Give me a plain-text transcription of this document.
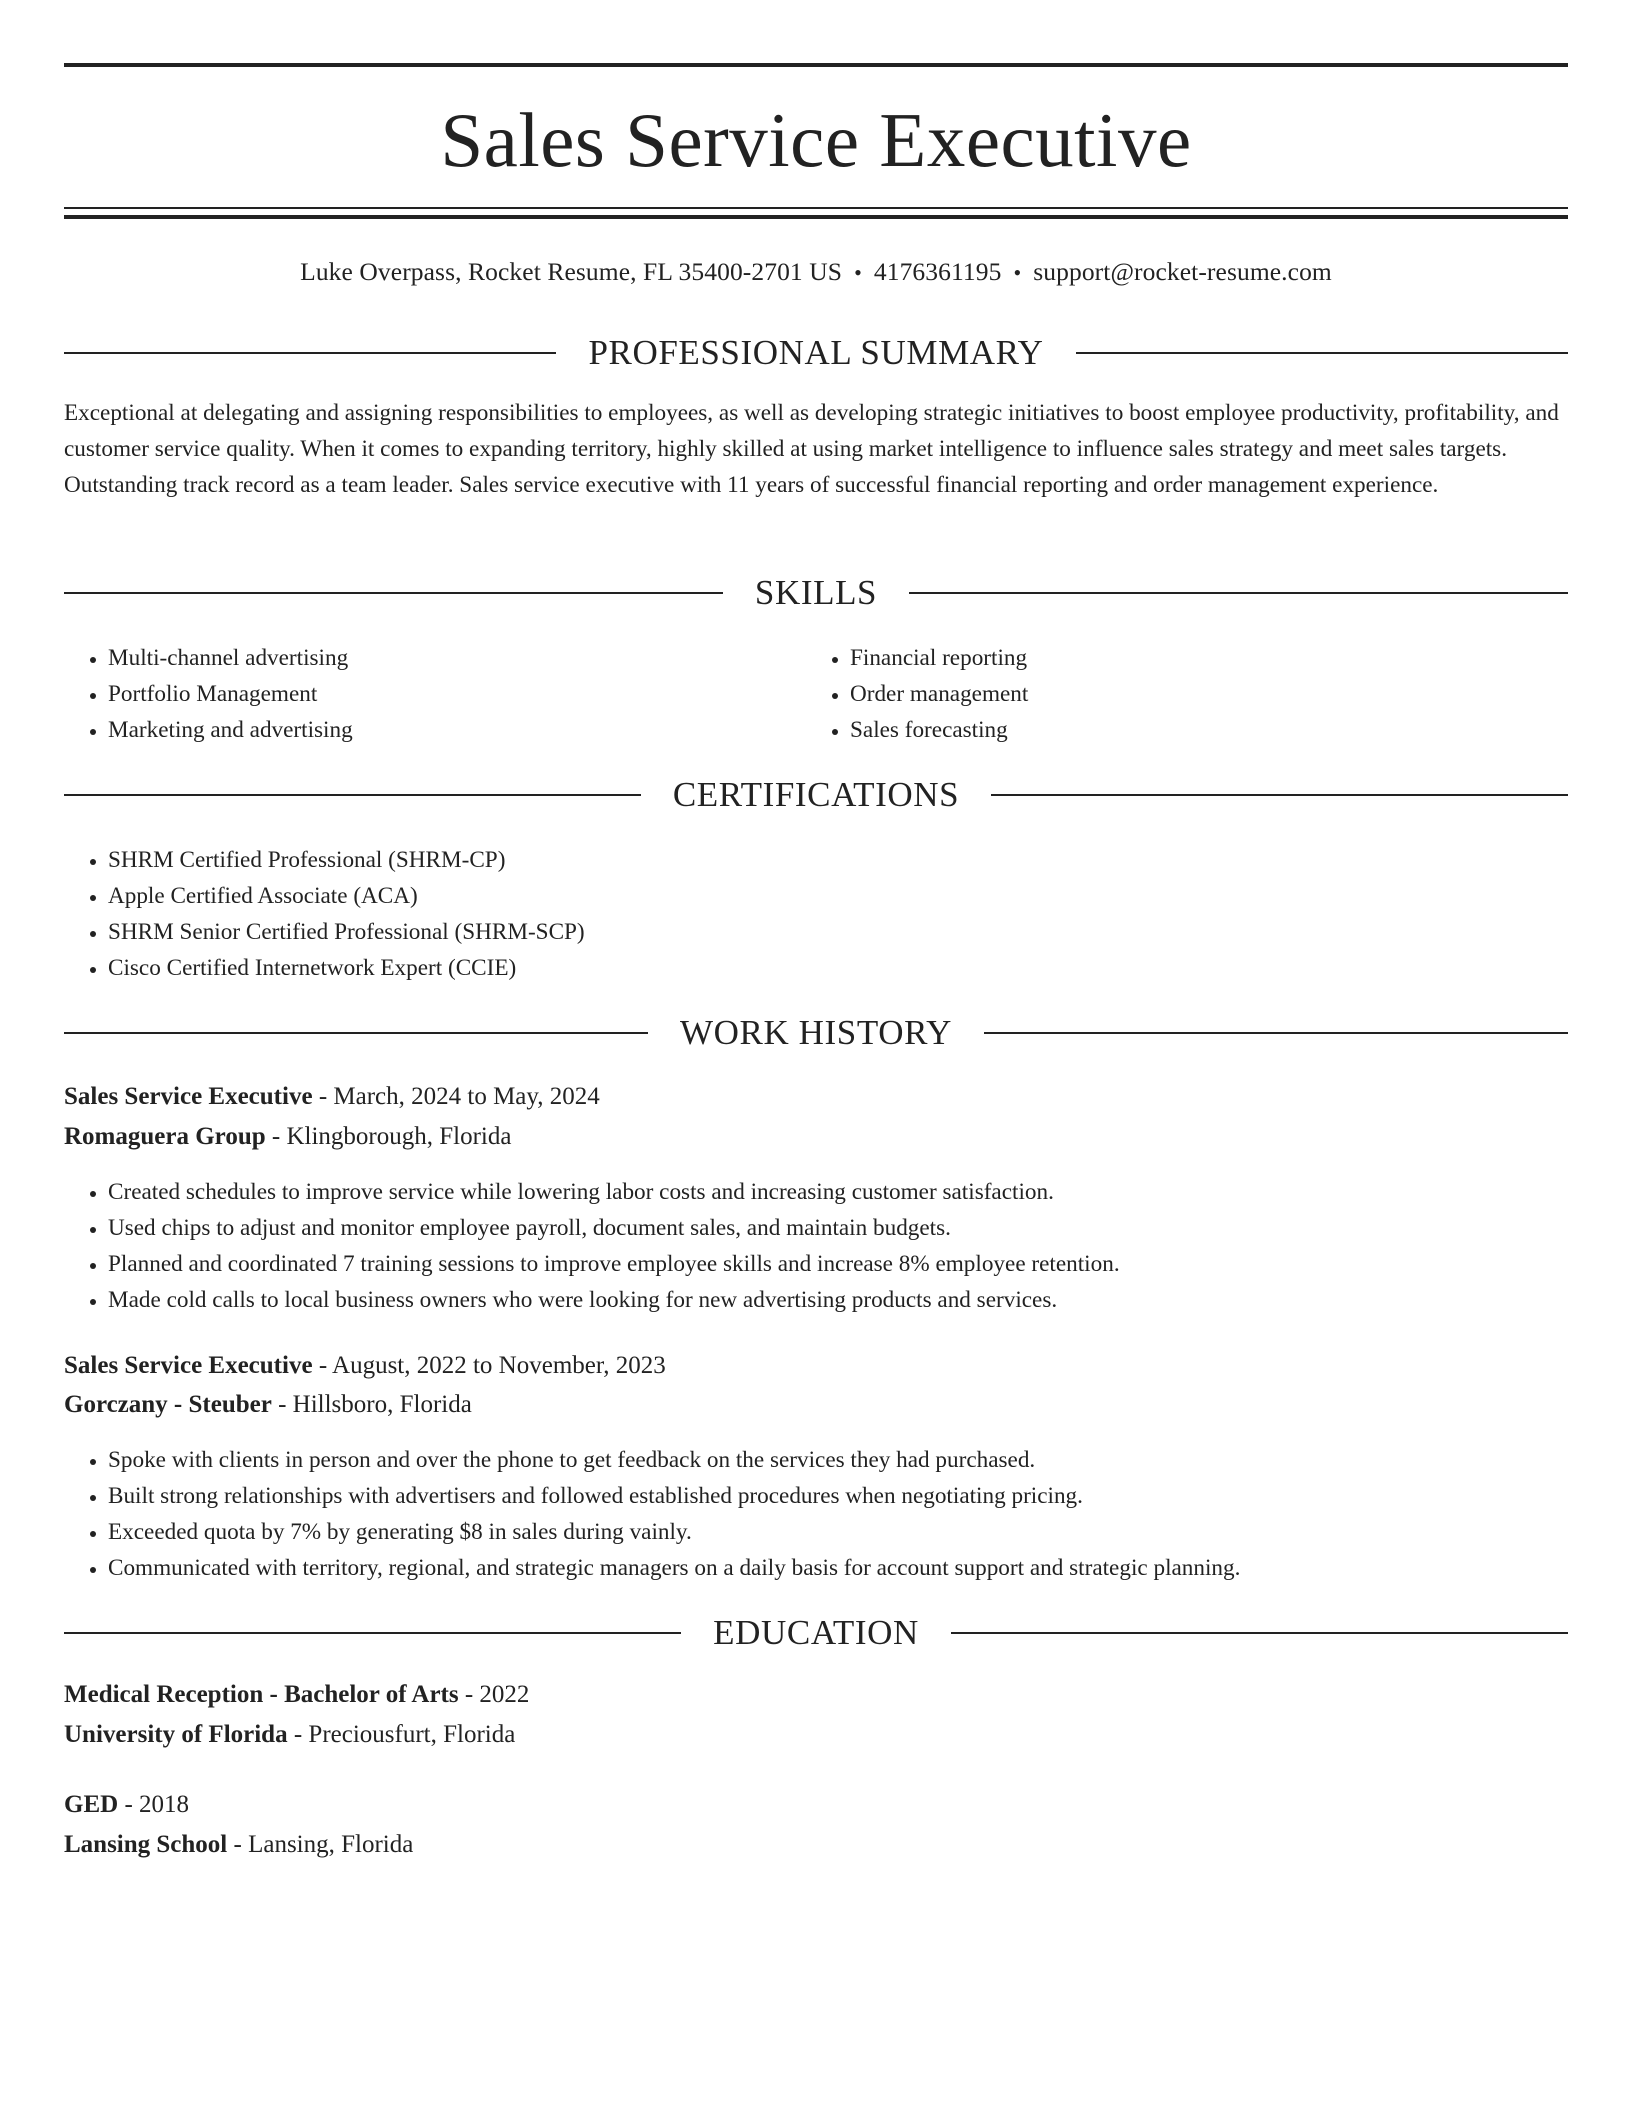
Sales Service Executive
Luke Overpass, Rocket Resume, FL 35400-2701 US • 4176361195 • support@rocket-resume.com
PROFESSIONAL SUMMARY

Exceptional at delegating and assigning responsibilities to employees, as well as developing strategic initiatives to boost employee productivity, profitability, and customer service quality. When it comes to expanding territory, highly skilled at using market intelligence to influence sales strategy and meet sales targets. Outstanding track record as a team leader. Sales service executive with 11 years of successful financial reporting and order management experience.

SKILLS
• Multi-channel advertising
• Portfolio Management
• Marketing and advertising
• Financial reporting
• Order management
• Sales forecasting
CERTIFICATIONS
• SHRM Certified Professional (SHRM-CP)
• Apple Certified Associate (ACA)
• SHRM Senior Certified Professional (SHRM-SCP)
• Cisco Certified Internetwork Expert (CCIE)
WORK HISTORY
Sales Service Executive - March, 2024 to May, 2024
Romaguera Group - Klingborough, Florida
• Created schedules to improve service while lowering labor costs and increasing customer satisfaction.
• Used chips to adjust and monitor employee payroll, document sales, and maintain budgets.
• Planned and coordinated 7 training sessions to improve employee skills and increase 8% employee retention.
• Made cold calls to local business owners who were looking for new advertising products and services.
Sales Service Executive - August, 2022 to November, 2023
Gorczany - Steuber - Hillsboro, Florida
• Spoke with clients in person and over the phone to get feedback on the services they had purchased.
• Built strong relationships with advertisers and followed established procedures when negotiating pricing.
• Exceeded quota by 7% by generating $8 in sales during vainly.
• Communicated with territory, regional, and strategic managers on a daily basis for account support and strategic planning.
EDUCATION
Medical Reception - Bachelor of Arts - 2022
University of Florida - Preciousfurt, Florida
GED - 2018
Lansing School - Lansing, Florida
